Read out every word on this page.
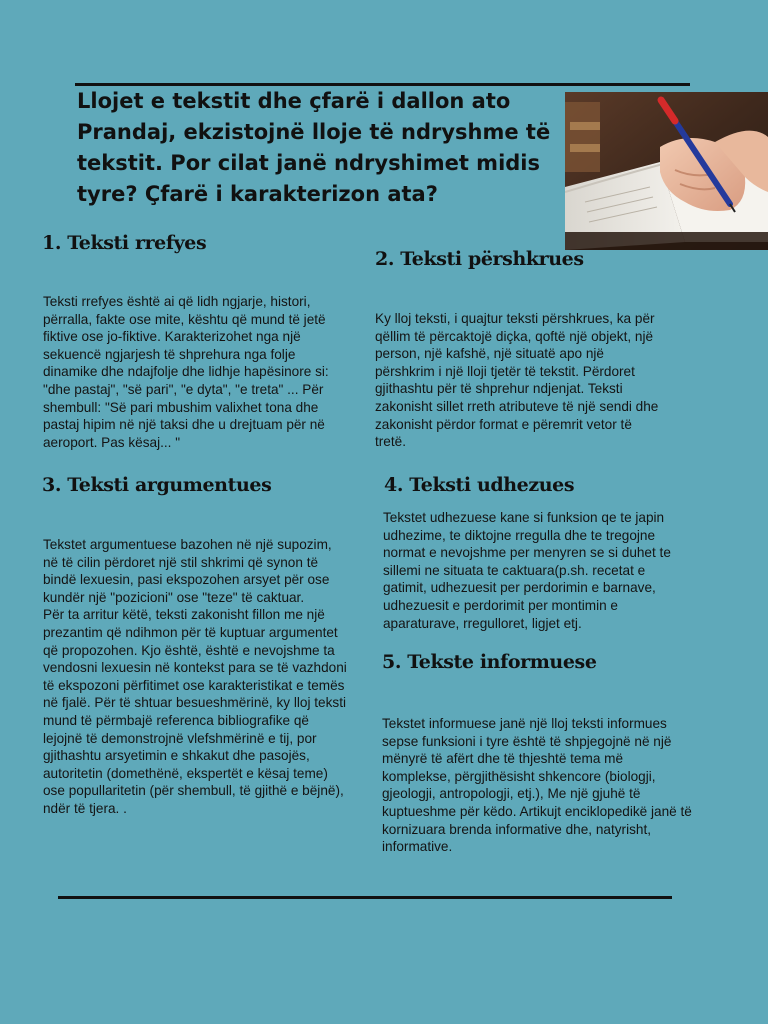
Llojet e tekstit dhe çfarë i dallon ato Prandaj, ekzistojnë lloje të ndryshme të tekstit. Por cilat janë ndryshimet midis tyre? Çfarë i karakterizon ata?
1. Teksti rrefyes

Teksti rrefyes është ai që lidh ngjarje, histori, përralla, fakte ose mite, kështu që mund të jetë fiktive ose jo-fiktive. Karakterizohet nga një sekuencë ngjarjesh të shprehura nga folje dinamike dhe ndajfolje dhe lidhje hapësinore si: "dhe pastaj", "së pari", "e dyta", "e treta" ... Për shembull: "Së pari mbushim valixhet tona dhe pastaj hipim në një taksi dhe u drejtuam për në aeroport. Pas kësaj... "

2. Teksti përshkrues

Ky lloj teksti, i quajtur teksti përshkrues, ka për qëllim të përcaktojë diçka, qoftë një objekt, një person, një kafshë, një situatë apo një përshkrim i një lloji tjetër të tekstit. Përdoret gjithashtu për të shprehur ndjenjat. Teksti zakonisht sillet rreth atributeve të një sendi dhe zakonisht përdor format e përemrit vetor të tretë.

3. Teksti argumentues

Tekstet argumentuese bazohen në një supozim, në të cilin përdoret një stil shkrimi që synon të bindë lexuesin, pasi ekspozohen arsyet për ose kundër një "pozicioni" ose "teze" të caktuar.
Për ta arritur këtë, teksti zakonisht fillon me një prezantim që ndihmon për të kuptuar argumentet që propozohen. Kjo është, është e nevojshme ta vendosni lexuesin në kontekst para se të vazhdoni të ekspozoni përfitimet ose karakteristikat e temës në fjalë. Për të shtuar besueshmërinë, ky lloj teksti mund të përmbajë referenca bibliografike që lejojnë të demonstrojnë vlefshmërinë e tij, por gjithashtu arsyetimin e shkakut dhe pasojës, autoritetin (domethënë, ekspertët e kësaj teme) ose popullaritetin (për shembull, të gjithë e bëjnë), ndër të tjera. .

4. Teksti udhezues

Tekstet udhezuese kane si funksion qe te japin udhezime, te diktojne rregulla dhe te tregojne normat e nevojshme per menyren se si duhet te sillemi ne situata te caktuara(p.sh. recetat e gatimit, udhezuesit per perdorimin e barnave, udhezuesit e perdorimit per montimin e aparaturave, rregulloret, ligjet etj.

5. Tekste informuese

Tekstet informuese janë një lloj teksti informues sepse funksioni i tyre është të shpjegojnë në një mënyrë të afërt dhe të thjeshtë tema më komplekse, përgjithësisht shkencore (biologji, gjeologji, antropologji, etj.), Me një gjuhë të kuptueshme për këdo. Artikujt enciklopedikë janë të kornizuara brenda informative dhe, natyrisht, informative.
